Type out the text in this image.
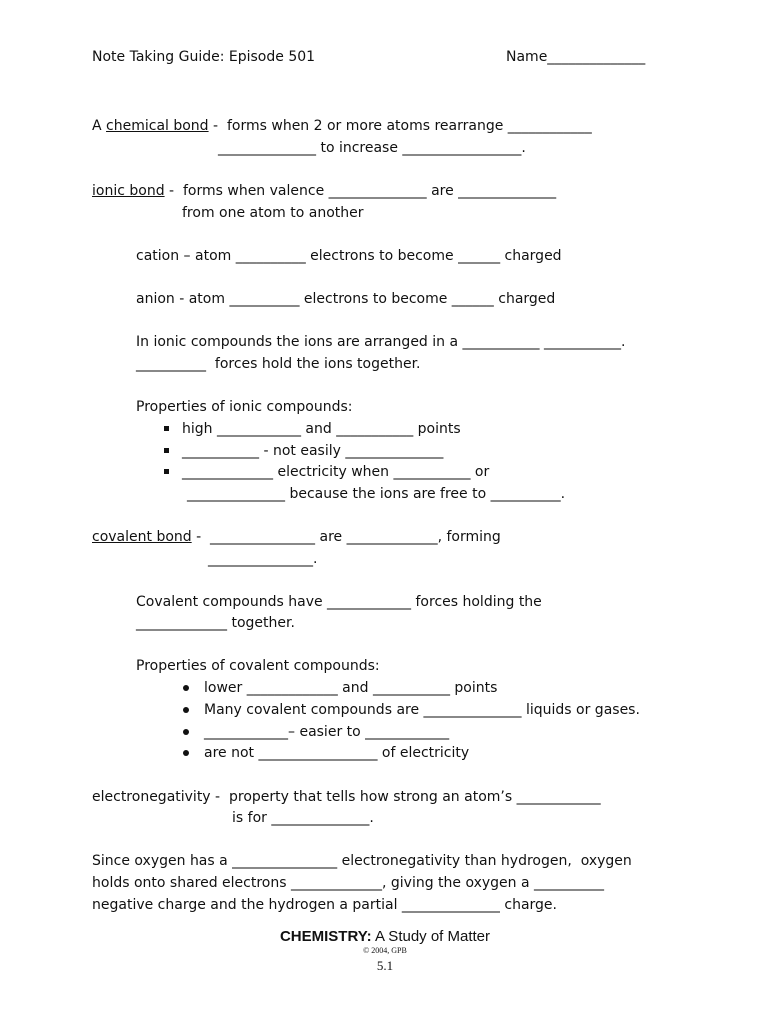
Note Taking Guide: Episode 501	Name______________
A chemical bond -  forms when 2 or more atoms rearrange ____________
______________ to increase _________________.
ionic bond -  forms when valence ______________ are ______________
from one atom to another
cation – atom __________ electrons to become ______ charged
anion - atom __________ electrons to become ______ charged
In ionic compounds the ions are arranged in a ___________ ___________.
__________  forces hold the ions together.
Properties of ionic compounds:
high ____________ and ___________ points
___________ - not easily ______________
_____________ electricity when ___________ or
______________ because the ions are free to __________.
covalent bond -  _______________ are _____________, forming
_______________.
Covalent compounds have ____________ forces holding the
_____________ together.
Properties of covalent compounds:
lower _____________ and ___________ points
Many covalent compounds are ______________ liquids or gases.
____________– easier to ____________
are not _________________ of electricity
electronegativity -  property that tells how strong an atom’s ____________
is for ______________.
Since oxygen has a _______________ electronegativity than hydrogen,  oxygen
holds onto shared electrons _____________, giving the oxygen a __________
negative charge and the hydrogen a partial ______________ charge.
CHEMISTRY: A Study of Matter
© 2004, GPB
5.1
